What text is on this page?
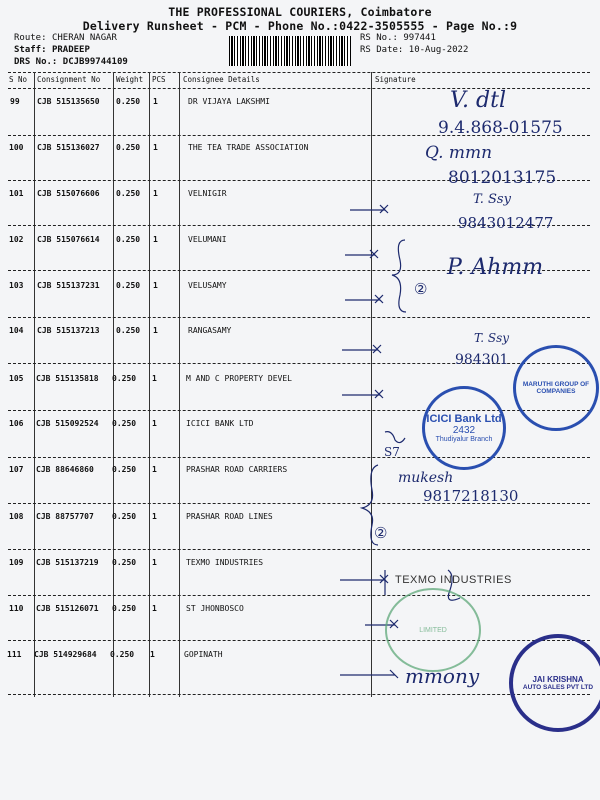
THE PROFESSIONAL COURIERS, Coimbatore
Delivery Runsheet - PCM - Phone No.:0422-3505555 - Page No.:9
Route: CHERAN NAGAR
Staff: PRADEEP
DRS No.: DCJB99744109
RS No.: 997441
RS Date: 10-Aug-2022
S No Consignment No Weight PCS Consignee Details	Signature
99 CJB 515135650 0.250 1	DR VIJAYA LAKSHMI
100 CJB 515136027 0.250 1	THE TEA TRADE ASSOCIATION
101 CJB 515076606 0.250 1	VELNIGIR
102 CJB 515076614 0.250 1	VELUMANI
103 CJB 515137231 0.250 1	VELUSAMY
104 CJB 515137213 0.250 1	RANGASAMY
105 CJB 515135818 0.250 1	M AND C PROPERTY DEVEL
106 CJB 515092524 0.250 1	ICICI BANK LTD
107 CJB 88646860 0.250 1	PRASHAR ROAD CARRIERS
108 CJB 88757707 0.250 1	PRASHAR ROAD LINES
109 CJB 515137219 0.250 1	TEXMO INDUSTRIES
110 CJB 515126071 0.250 1	ST JHONBOSCO
111 CJB 514929684 0.250 1	GOPINATH
V. dtl
9.4.868-01575
Q. mmn
8012013175
T. Ssy
9843012477
P. Ahmm
②
T. Ssy
984301
mukesh
9817218130
②
S7
mmony
ICICI Bank Ltd
2432
Thudiyalur Branch
MARUTHI GROUP OF COMPANIES
LIMITED
JAI KRISHNA
AUTO SALES PVT LTD
TEXMO INDUSTRIES
